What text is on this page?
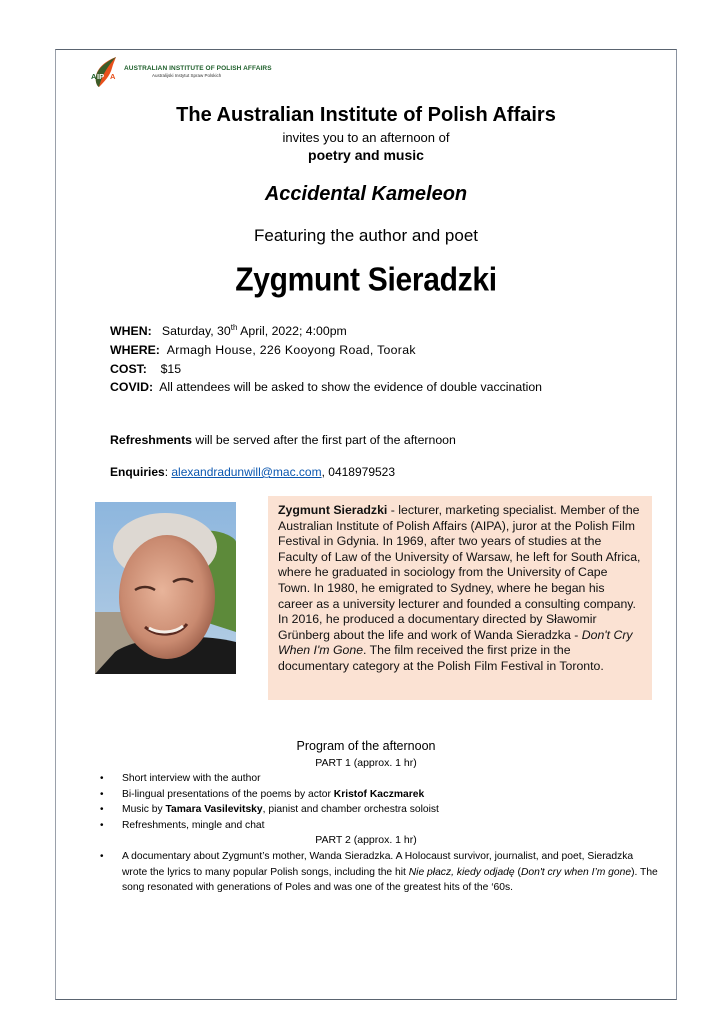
A IP A
AUSTRALIAN INSTITUTE OF POLISH AFFAIRS
Australijski Instytut Spraw Polskich
The Australian Institute of Polish Affairs
invites you to an afternoon of
poetry and music
Accidental Kameleon
Featuring the author and poet
Zygmunt Sieradzki
WHEN: Saturday, 30th April, 2022; 4:00pm
WHERE: Armagh House, 226 Kooyong Road, Toorak
COST: $15
COVID: All attendees will be asked to show the evidence of double vaccination
Refreshments will be served after the first part of the afternoon
Enquiries: alexandradunwill@mac.com, 0418979523
Zygmunt Sieradzki - lecturer, marketing specialist. Member of the Australian Institute of Polish Affairs (AIPA), juror at the Polish Film Festival in Gdynia. In 1969, after two years of studies at the Faculty of Law of the University of Warsaw, he left for South Africa, where he graduated in sociology from the University of Cape Town. In 1980, he emigrated to Sydney, where he began his career as a university lecturer and founded a consulting company. In 2016, he produced a documentary directed by Sławomir Grünberg about the life and work of Wanda Sieradzka - Don't Cry When I'm Gone. The film received the first prize in the documentary category at the Polish Film Festival in Toronto.
Program of the afternoon
PART 1 (approx. 1 hr)
• Short interview with the author
• Bi-lingual presentations of the poems by actor Kristof Kaczmarek
• Music by Tamara Vasilevitsky, pianist and chamber orchestra soloist
• Refreshments, mingle and chat
PART 2 (approx. 1 hr)
• A documentary about Zygmunt’s mother, Wanda Sieradzka. A Holocaust survivor, journalist, and poet, Sieradzka wrote the lyrics to many popular Polish songs, including the hit Nie płacz, kiedy odjadę (Don't cry when I’m gone). The song resonated with generations of Poles and was one of the greatest hits of the ‘60s.
